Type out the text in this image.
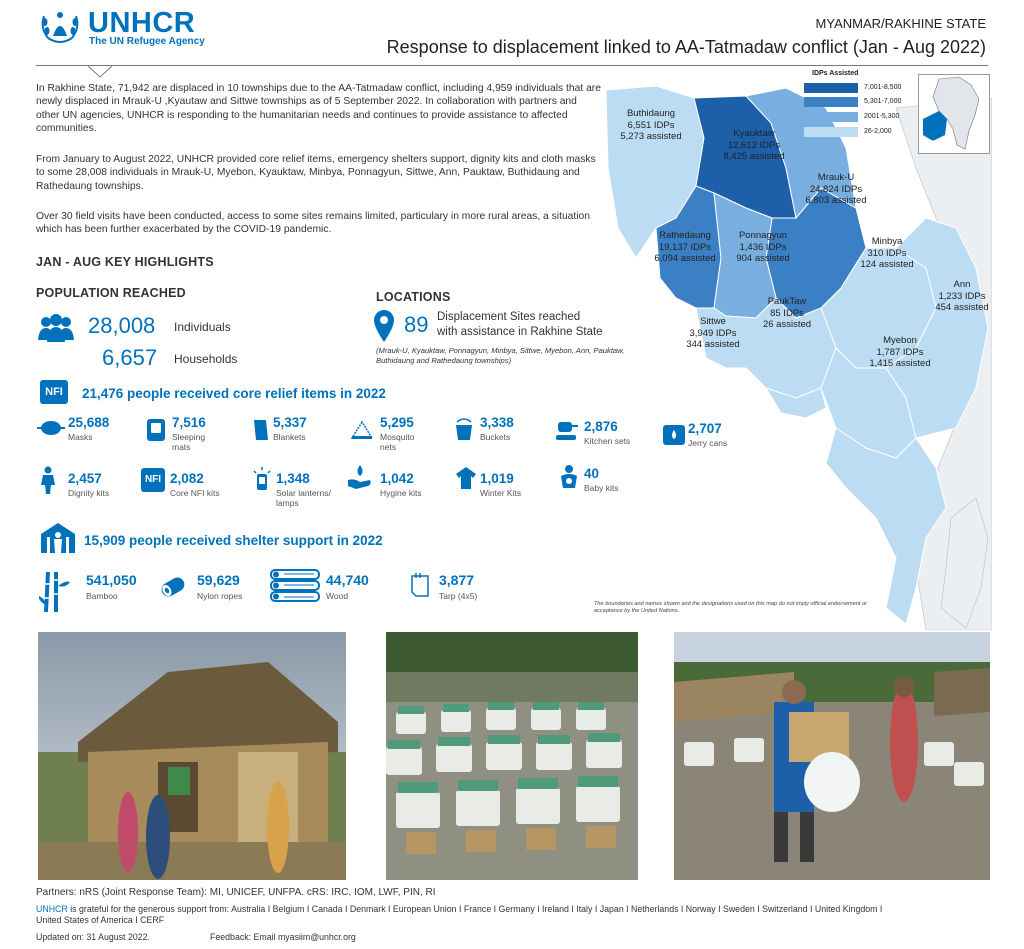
UNHCR
The UN Refugee Agency
MYANMAR/RAKHINE STATE
Response to displacement linked to AA-Tatmadaw conflict (Jan - Aug 2022)
In Rakhine State, 71,942 are displaced in 10 townships due to the AA-Tatmadaw conflict, including 4,959 individuals that are newly displaced in Mrauk-U ,Kyautaw and Sittwe townships as of 5 September 2022. In collaboration with partners and other UN agencies, UNHCR is responding to the humanitarian needs and continues to provide assistance to affected communities.
From January to August 2022, UNHCR provided core relief items, emergency shelters support, dignity kits and cloth masks to some 28,008 individuals in Mrauk-U, Myebon, Kyauktaw, Minbya, Ponnagyun, Sittwe, Ann, Pauktaw, Buthidaung and Rathedaung townships.
Over 30 field visits have been conducted, access to some sites remains limited, particulary in more rural areas, a situation which has been further exacerbated by the COVID-19 pandemic.
JAN - AUG KEY HIGHLIGHTS
POPULATION REACHED
28,008 Individuals
6,657 Households
LOCATIONS
89 Displacement Sites reached
with assistance in Rakhine State
(Mrauk-U, Kyauktaw, Ponnagyun, Minbya, Sittwe, Myebon, Ann, Pauktaw, Buthidaung and Rathedaung townships)
NFI	21,476 people received core relief items in 2022
25,688
Masks
7,516
Sleeping mats
5,337
Blankets
5,295
Mosquito nets
3,338
Buckets
2,876
Kitchen sets
2,707
Jerry cans
2,457
Dignity kits
NFI 2,082
Core NFI kits
1,348
Solar lanterns/ lamps
1,042
Hygine kits
1,019
Winter Kits
40
Baby kits
15,909 people received shelter support in 2022
541,050
Bamboo
59,629
Nylon ropes
44,740
Wood
3,877
Tarp (4x5)
IDPs Assisted
7,001-8,500
5,301-7,000
2001-5,300
26-2,000
Location Map
Buthidaung
6,551 IDPs
5,273 assisted	Kyauktaw
12,612 IDPs
8,425 assisted
Mrauk-U
24,824 IDPs
6,803 assisted
Rathedaung
19,137 IDPs
6,094 assisted
Ponnagyun
1,436 IDPs
904 assisted
Minbya
310 IDPs
124 assisted
Ann
1,233 IDPs
454 assisted
PaukTaw
85 IDPs
26 assisted
Sittwe
3,949 IDPs
344 assisted	Myebon
1,787 IDPs
1,415 assisted
The boundaries and names shown and the designations used on this map do not imply official endorsement or acceptance by the United Nations.
Partners: nRS (Joint Response Team): MI, UNICEF, UNFPA. cRS: IRC, IOM, LWF, PIN, RI
UNHCR is grateful for the generous support from: Australia I Belgium I Canada I Denmark I European Union I France I Germany I Ireland I Italy I Japan I Netherlands I Norway I Sweden I Switzerland I United Kingdom I
United States of America I CERF
Updated on: 31 August 2022.	Feedback: Email myasiim@unhcr.org
